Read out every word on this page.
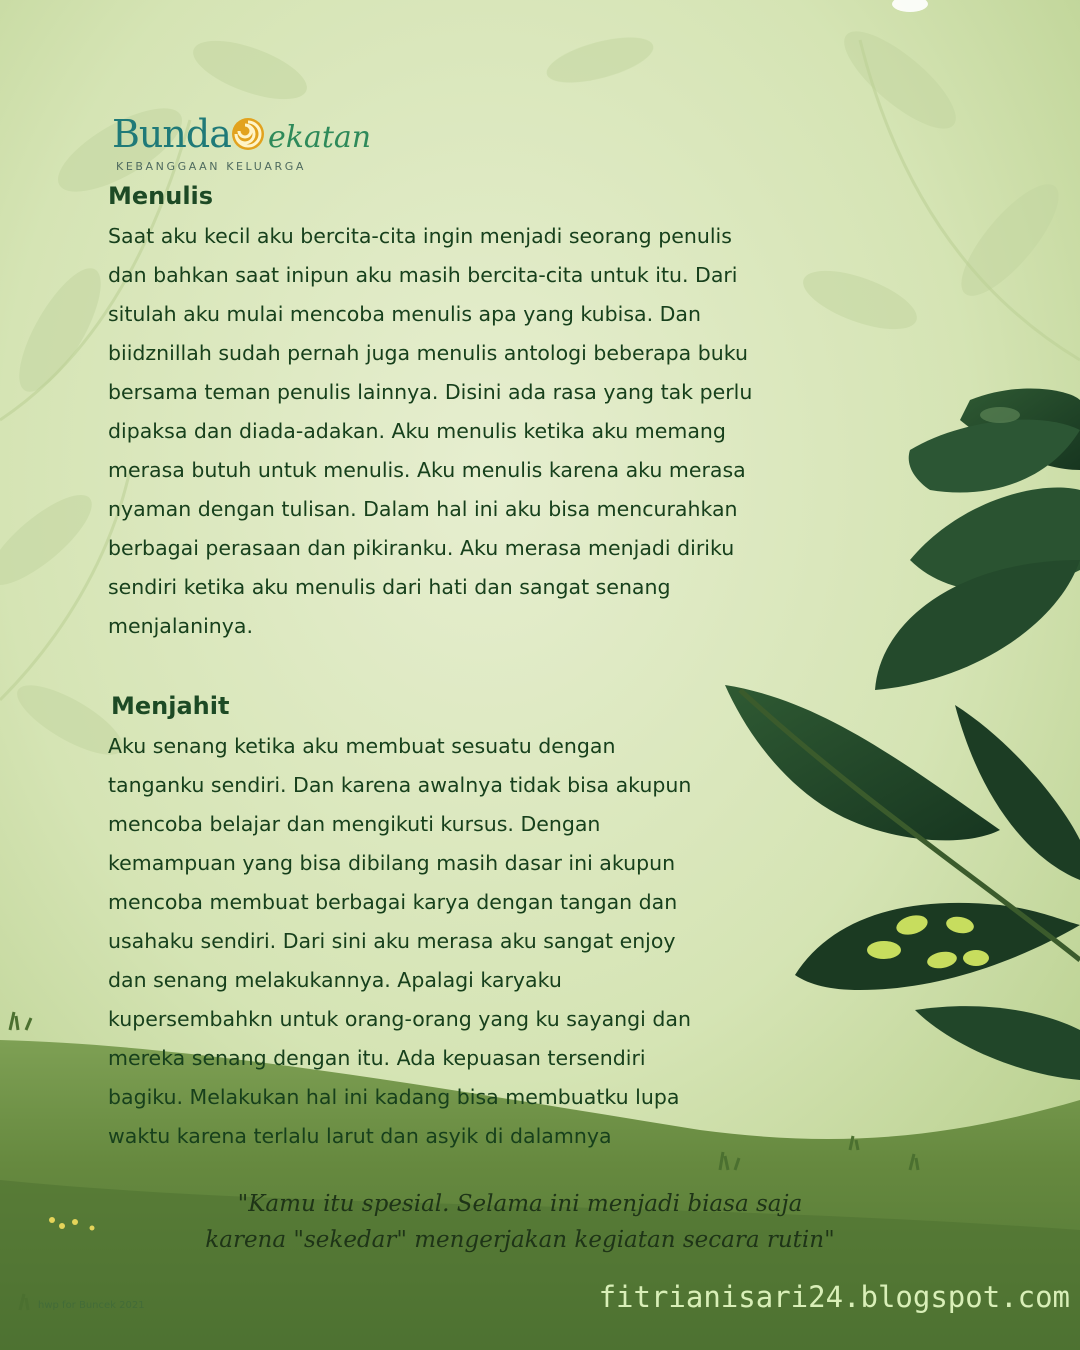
Bunda ekatan
KEBANGGAAN KELUARGA
Menulis
Saat aku kecil aku bercita-cita ingin menjadi seorang penulis
dan bahkan saat inipun aku masih bercita-cita untuk itu. Dari
situlah aku mulai mencoba menulis apa yang kubisa. Dan
biidznillah sudah pernah juga menulis antologi beberapa buku
bersama teman penulis lainnya. Disini ada rasa yang tak perlu
dipaksa dan diada-adakan. Aku menulis ketika aku memang
merasa butuh untuk menulis. Aku menulis karena aku merasa
nyaman dengan tulisan. Dalam hal ini aku bisa mencurahkan
berbagai perasaan dan pikiranku. Aku merasa menjadi diriku
sendiri ketika aku menulis dari hati dan sangat senang
menjalaninya.
Menjahit
Aku senang ketika aku membuat sesuatu dengan
tanganku sendiri. Dan karena awalnya tidak bisa akupun
mencoba belajar dan mengikuti kursus. Dengan
kemampuan yang bisa dibilang masih dasar ini akupun
mencoba membuat berbagai karya dengan tangan dan
usahaku sendiri. Dari sini aku merasa aku sangat enjoy
dan senang melakukannya. Apalagi karyaku
kupersembahkn untuk orang-orang yang ku sayangi dan
mereka senang dengan itu. Ada kepuasan tersendiri
bagiku. Melakukan hal ini kadang bisa membuatku lupa
waktu karena terlalu larut dan asyik di dalamnya
"Kamu itu spesial. Selama ini menjadi biasa saja
karena "sekedar" mengerjakan kegiatan secara rutin"
fitrianisari24.blogspot.com
hwp for Buncek 2021
